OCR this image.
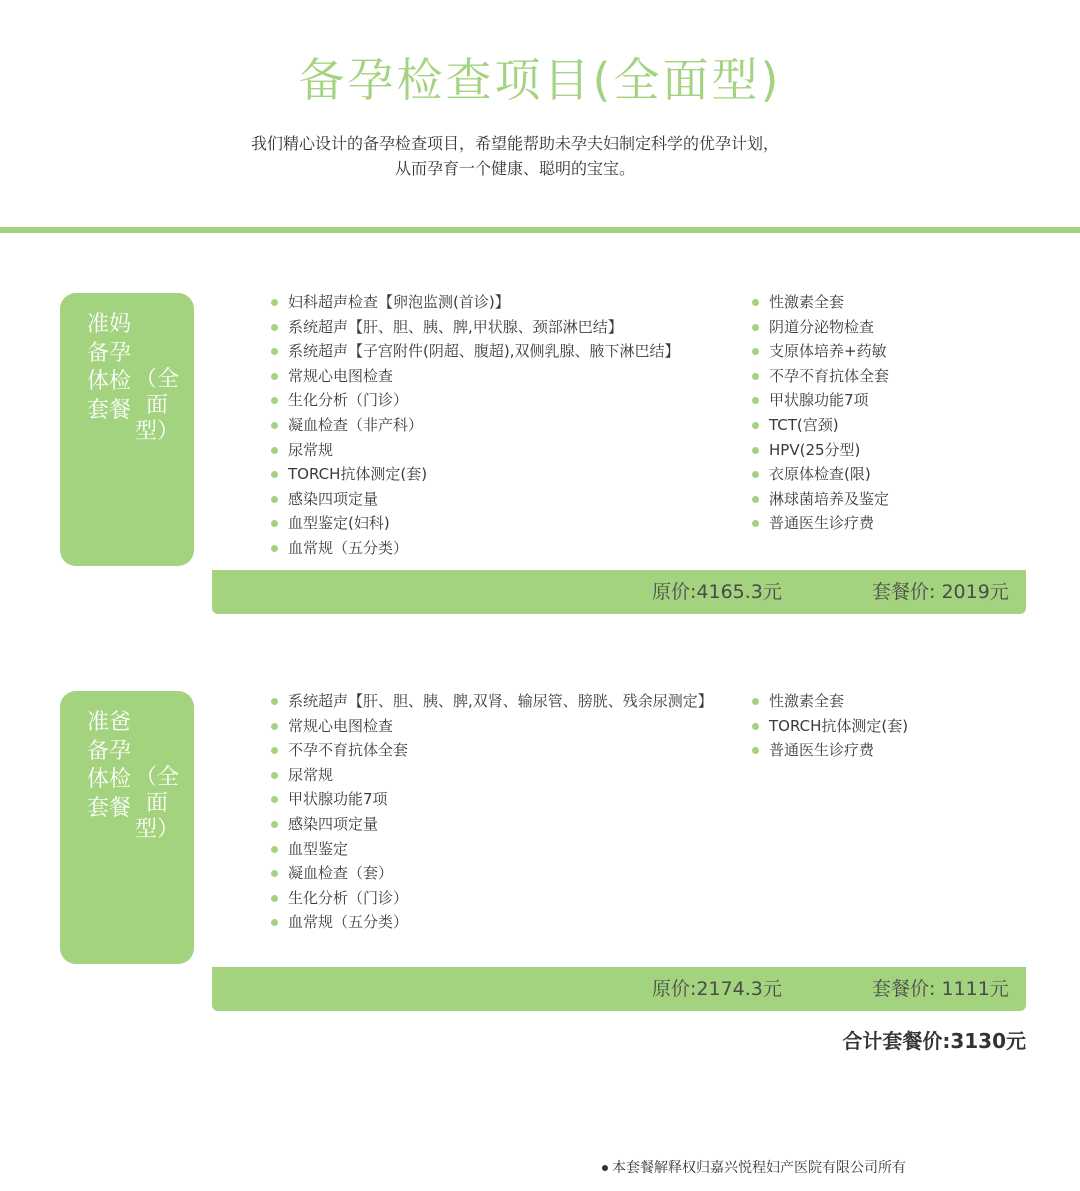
备孕检查项目(全面型)

我们精心设计的备孕检查项目，希望能帮助未孕夫妇制定科学的优孕计划，

从而孕育一个健康、聪明的宝宝。

准妈备孕体检套餐
（全面型）
妇科超声检查【卵泡监测(首诊)】
系统超声【肝、胆、胰、脾,甲状腺、颈部淋巴结】
系统超声【子宫附件(阴超、腹超),双侧乳腺、腋下淋巴结】
常规心电图检查
生化分析（门诊）
凝血检查（非产科）
尿常规
TORCH抗体测定(套)
感染四项定量
血型鉴定(妇科)
血常规（五分类）
性激素全套
阴道分泌物检查
支原体培养+药敏
不孕不育抗体全套
甲状腺功能7项
TCT(宫颈)
HPV(25分型)
衣原体检查(限)
淋球菌培养及鉴定
普通医生诊疗费
原价:4165.3元	套餐价: 2019元
准爸备孕体检套餐
（全面型）
系统超声【肝、胆、胰、脾,双肾、输尿管、膀胱、残余尿测定】
常规心电图检查
不孕不育抗体全套
尿常规
甲状腺功能7项
感染四项定量
血型鉴定
凝血检查（套）
生化分析（门诊）
血常规（五分类）
性激素全套
TORCH抗体测定(套)
普通医生诊疗费
原价:2174.3元	套餐价: 1111元
合计套餐价:3130元
本套餐解释权归嘉兴悦程妇产医院有限公司所有
